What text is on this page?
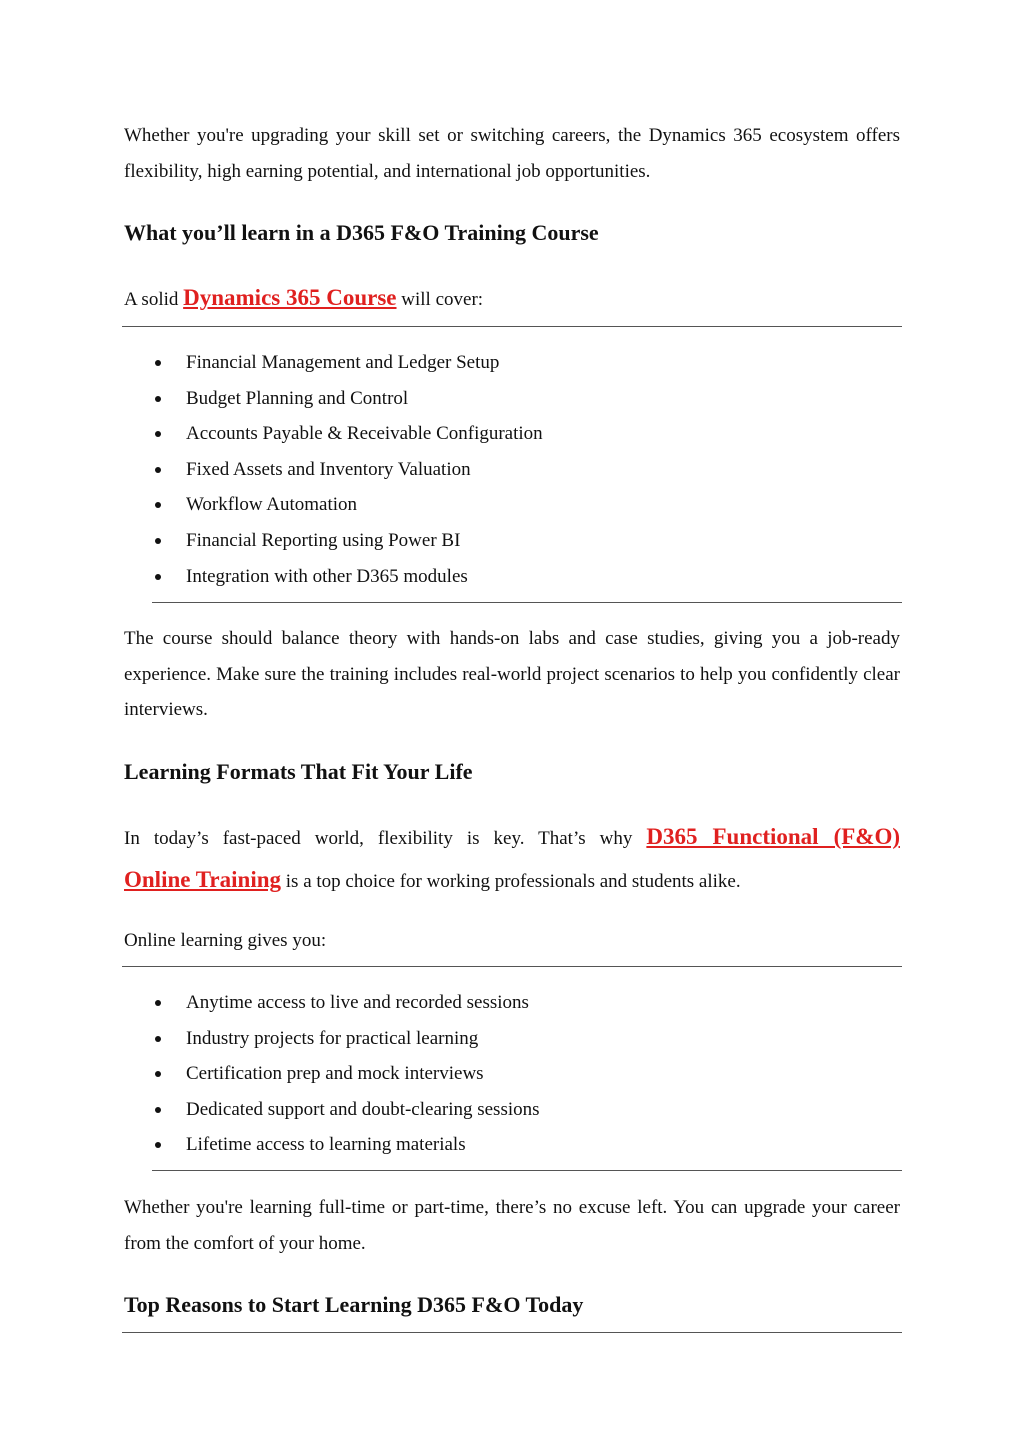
Whether you're upgrading your skill set or switching careers, the Dynamics 365 ecosystem offers flexibility, high earning potential, and international job opportunities.

What you’ll learn in a D365 F&O Training Course

A solid Dynamics 365 Course will cover:

Financial Management and Ledger Setup
Budget Planning and Control
Accounts Payable & Receivable Configuration
Fixed Assets and Inventory Valuation
Workflow Automation
Financial Reporting using Power BI
Integration with other D365 modules

The course should balance theory with hands-on labs and case studies, giving you a job-ready experience. Make sure the training includes real-world project scenarios to help you confidently clear interviews.

Learning Formats That Fit Your Life
In today’s fast-paced world, flexibility is key. That’s why D365 Functional (F&O)
Online Training is a top choice for working professionals and students alike.

Online learning gives you:

Anytime access to live and recorded sessions
Industry projects for practical learning
Certification prep and mock interviews
Dedicated support and doubt-clearing sessions
Lifetime access to learning materials

Whether you're learning full-time or part-time, there’s no excuse left. You can upgrade your career from the comfort of your home.

Top Reasons to Start Learning D365 F&O Today
